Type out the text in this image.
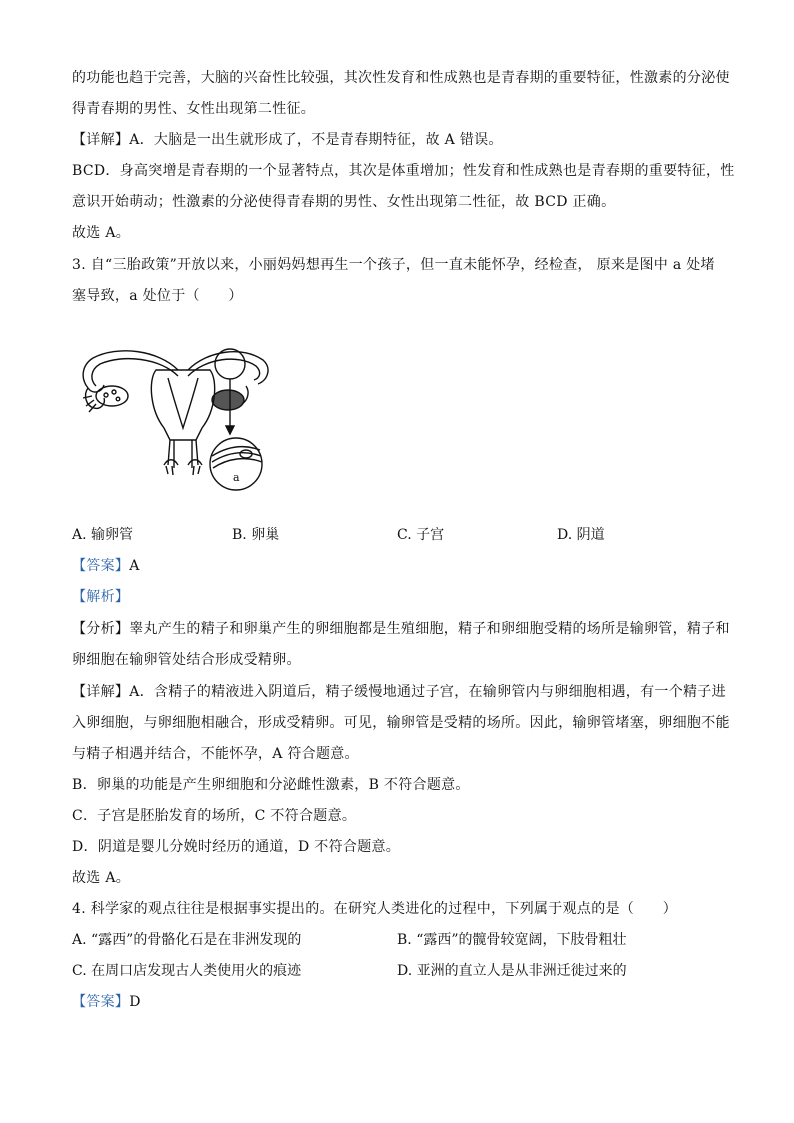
的功能也趋于完善，大脑的兴奋性比较强，其次性发育和性成熟也是青春期的重要特征，性激素的分泌使
得青春期的男性、女性出现第二性征。
【详解】A．大脑是一出生就形成了，不是青春期特征，故 A 错误。
BCD．身高突增是青春期的一个显著特点，其次是体重增加；性发育和性成熟也是青春期的重要特征，性
意识开始萌动；性激素的分泌使得青春期的男性、女性出现第二性征，故 BCD 正确。
故选 A。
3. 自“三胎政策”开放以来，小丽妈妈想再生一个孩子，但一直未能怀孕，经检查， 原来是图中 a 处堵
塞导致，a 处位于（　　）
a
A. 输卵管	B. 卵巢	C. 子宫	D. 阴道
【答案】A
【解析】
【分析】睾丸产生的精子和卵巢产生的卵细胞都是生殖细胞，精子和卵细胞受精的场所是输卵管，精子和
卵细胞在输卵管处结合形成受精卵。
【详解】A．含精子的精液进入阴道后，精子缓慢地通过子宫，在输卵管内与卵细胞相遇，有一个精子进
入卵细胞，与卵细胞相融合，形成受精卵。可见，输卵管是受精的场所。因此，输卵管堵塞，卵细胞不能
与精子相遇并结合，不能怀孕，A 符合题意。
B．卵巢的功能是产生卵细胞和分泌雌性激素，B 不符合题意。
C．子宫是胚胎发育的场所，C 不符合题意。
D．阴道是婴儿分娩时经历的通道，D 不符合题意。
故选 A。
4. 科学家的观点往往是根据事实提出的。在研究人类进化的过程中，下列属于观点的是（　　）
A. “露西”的骨骼化石是在非洲发现的	B. “露西”的髋骨较宽阔，下肢骨粗壮
C. 在周口店发现古人类使用火的痕迹	D. 亚洲的直立人是从非洲迁徙过来的
【答案】D
